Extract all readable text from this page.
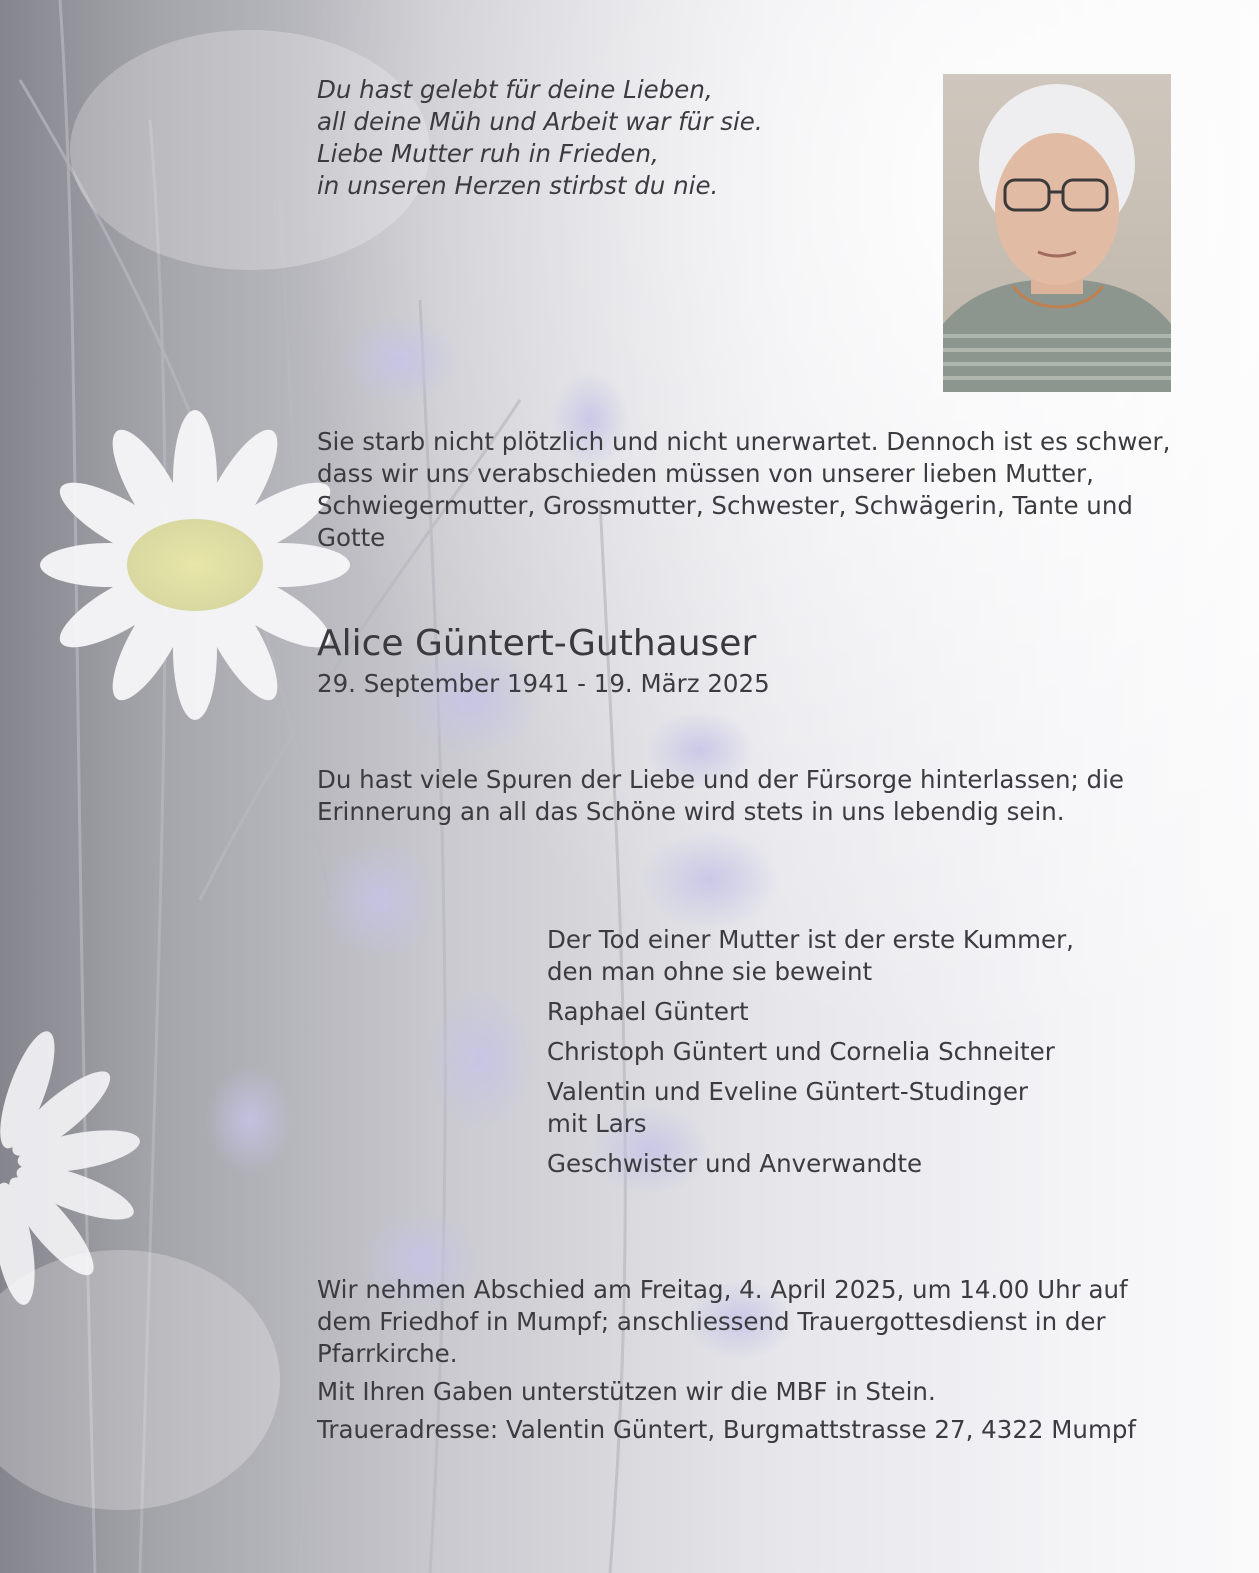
Du hast gelebt für deine Lieben,
all deine Müh und Arbeit war für sie.
Liebe Mutter ruh in Frieden,
in unseren Herzen stirbst du nie.

Sie starb nicht plötzlich und nicht unerwartet. Dennoch ist es schwer, dass wir uns verabschieden müssen von unserer lieben Mutter, Schwiegermutter, Grossmutter, Schwester, Schwägerin, Tante und Gotte

Alice Güntert-Guthauser
29. September 1941 - 19. März 2025

Du hast viele Spuren der Liebe und der Fürsorge hinterlassen; die Erinnerung an all das Schöne wird stets in uns lebendig sein.

Der Tod einer Mutter ist der erste Kummer,
den man ohne sie beweint
Raphael Güntert
Christoph Güntert und Cornelia Schneiter
Valentin und Eveline Güntert-Studinger
mit Lars
Geschwister und Anverwandte

Wir nehmen Abschied am Freitag, 4. April 2025, um 14.00 Uhr auf dem Friedhof in Mumpf; anschliessend Trauergottesdienst in der Pfarrkirche.

Mit Ihren Gaben unterstützen wir die MBF in Stein.

Traueradresse: Valentin Güntert, Burgmattstrasse 27, 4322 Mumpf
